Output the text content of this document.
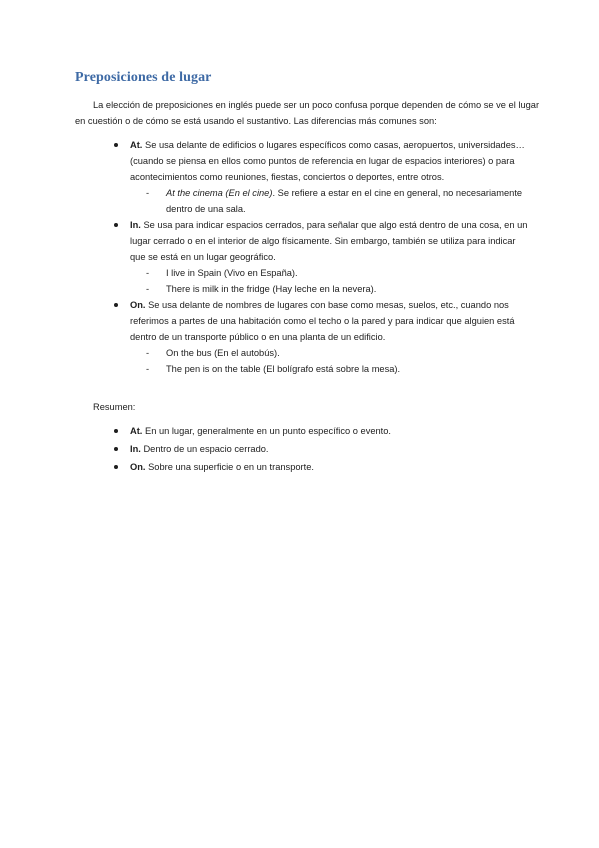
Preposiciones de lugar

La elección de preposiciones en inglés puede ser un poco confusa porque dependen de cómo se ve el lugar en cuestión o de cómo se está usando el sustantivo. Las diferencias más comunes son:

At. Se usa delante de edificios o lugares específicos como casas, aeropuertos, universidades… (cuando se piensa en ellos como puntos de referencia en lugar de espacios interiores) o para acontecimientos como reuniones, fiestas, conciertos o deportes, entre otros.
- At the cinema (En el cine). Se refiere a estar en el cine en general, no necesariamente dentro de una sala.
In. Se usa para indicar espacios cerrados, para señalar que algo está dentro de una cosa, en un lugar cerrado o en el interior de algo físicamente. Sin embargo, también se utiliza para indicar que se está en un lugar geográfico.
- I live in Spain (Vivo en España).
- There is milk in the fridge (Hay leche en la nevera).
On. Se usa delante de nombres de lugares con base como mesas, suelos, etc., cuando nos referimos a partes de una habitación como el techo o la pared y para indicar que alguien está dentro de un transporte público o en una planta de un edificio.
- On the bus (En el autobús).
- The pen is on the table (El bolígrafo está sobre la mesa).

Resumen:

At. En un lugar, generalmente en un punto específico o evento.
In. Dentro de un espacio cerrado.
On. Sobre una superficie o en un transporte.
